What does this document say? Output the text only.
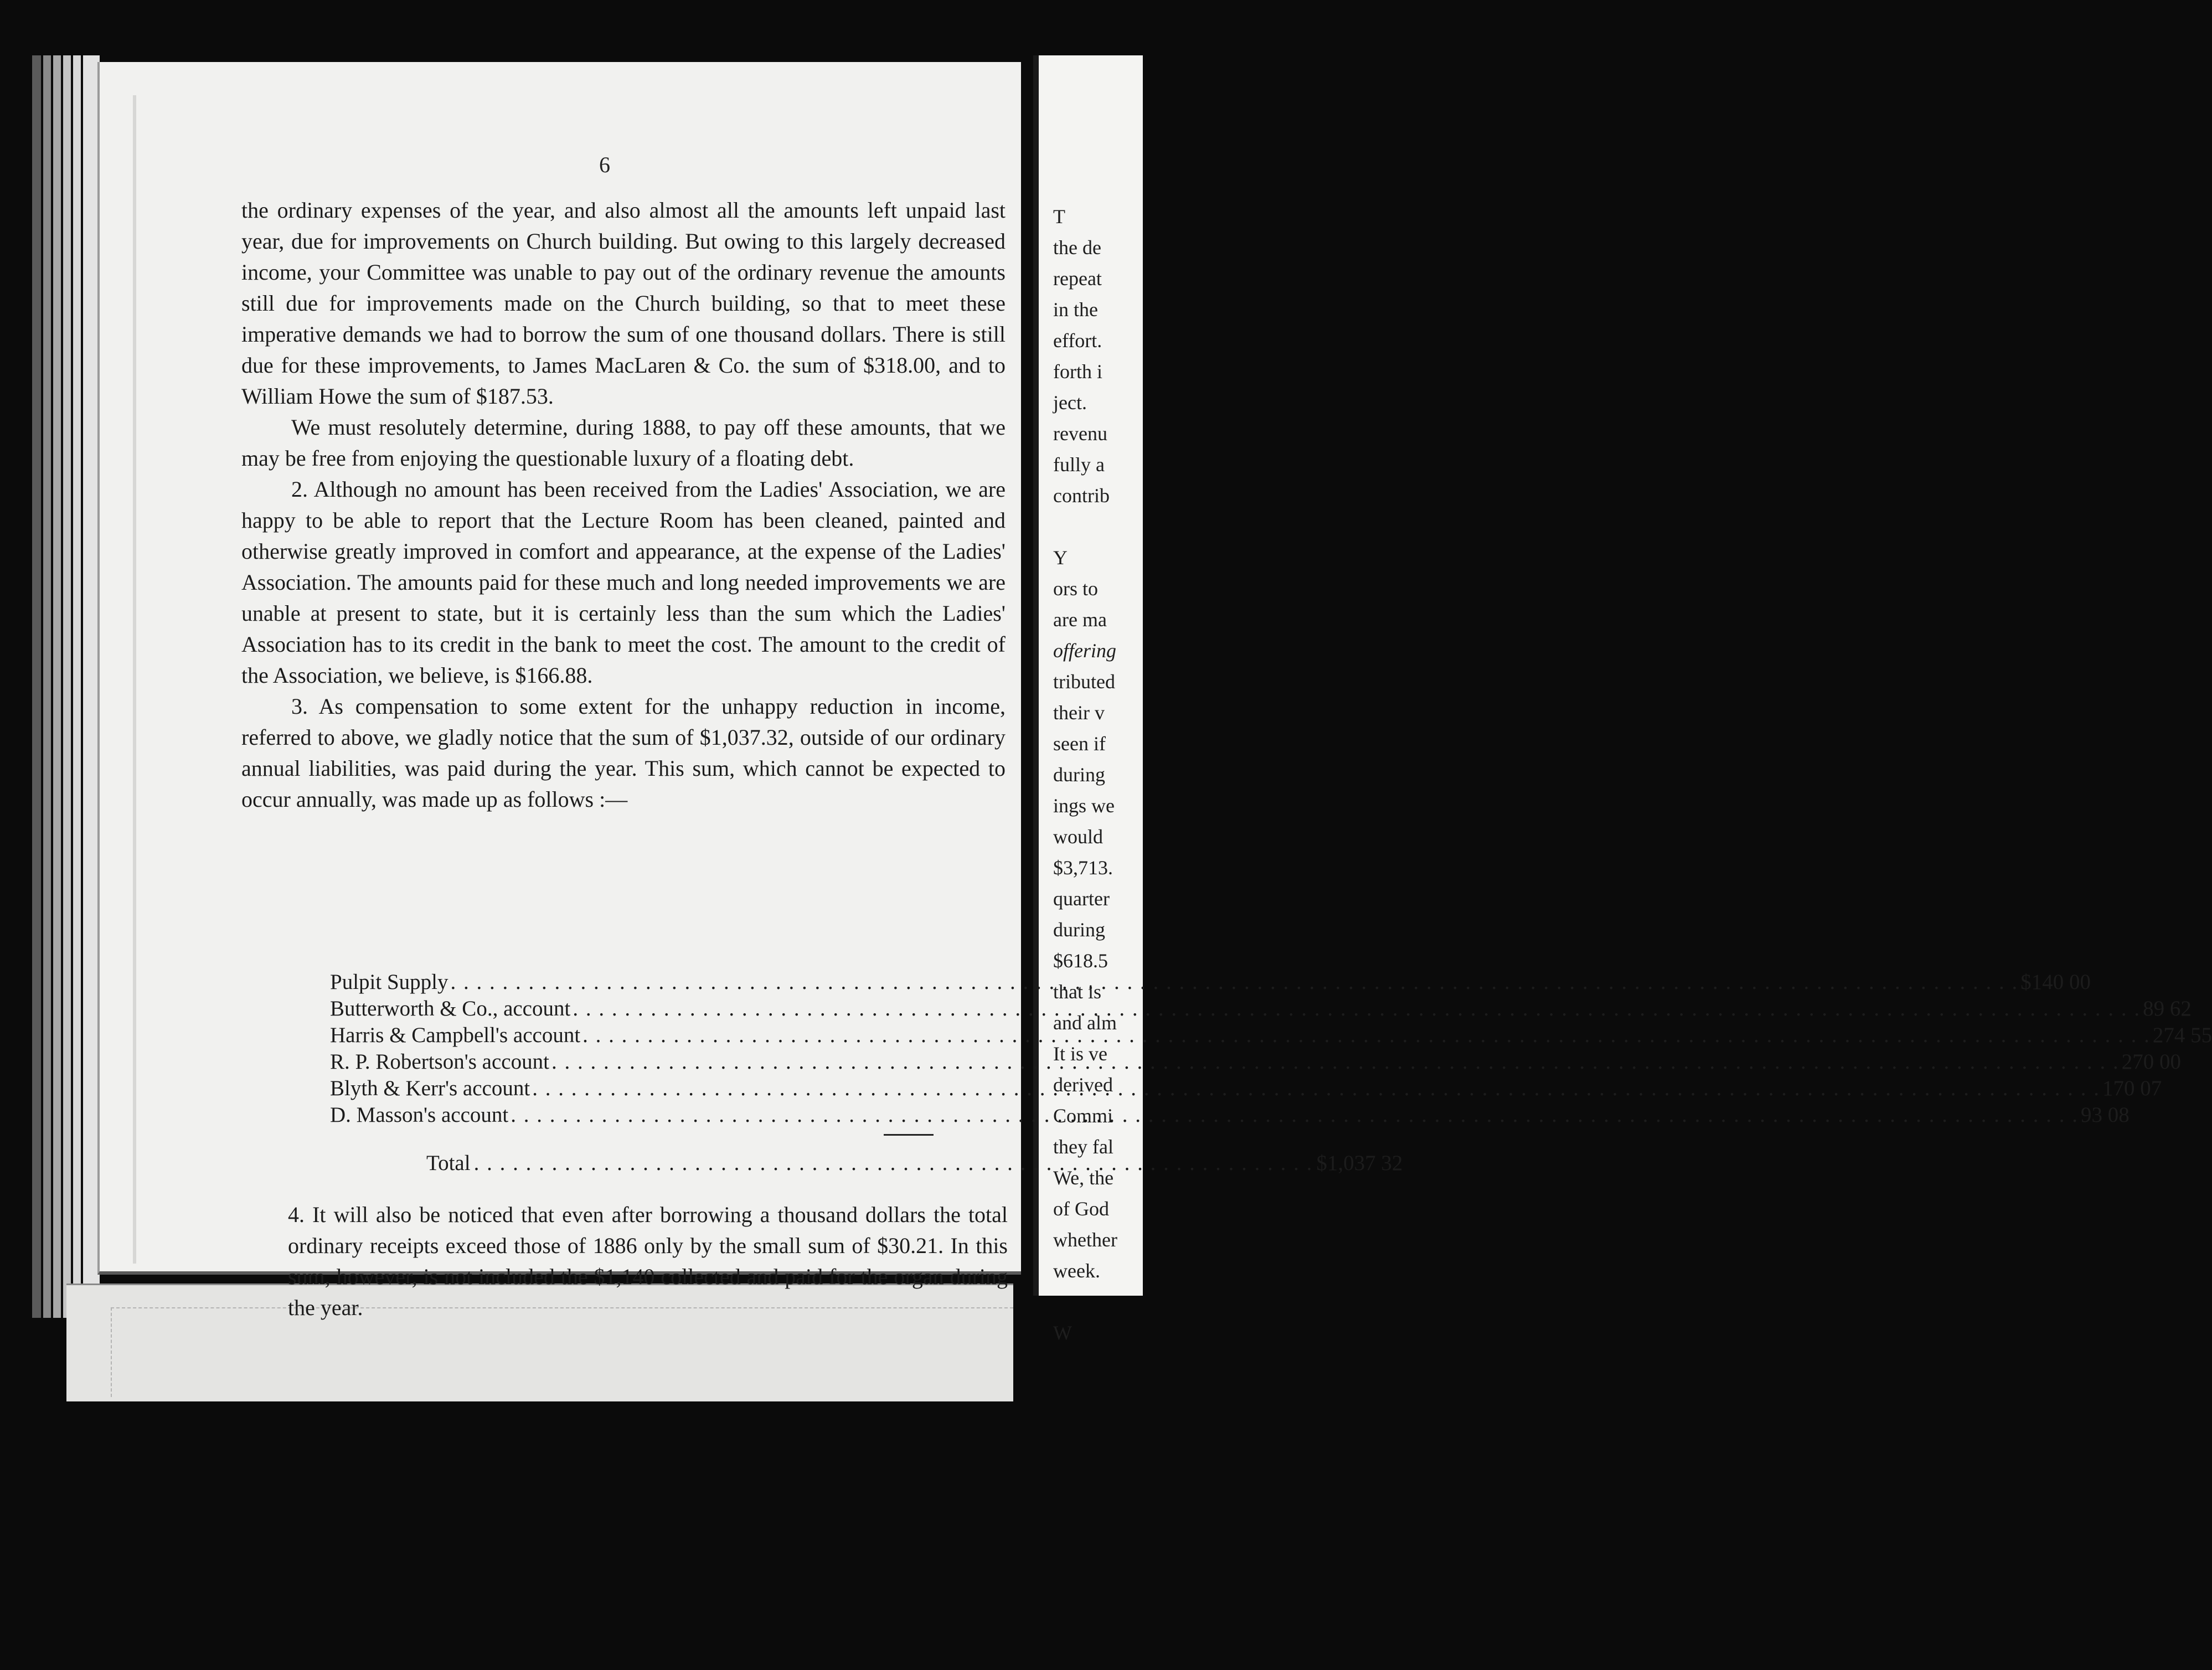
T
the de
repeat
in the
effort.
forth i
ject.
revenu
fully a
contrib
Y
ors to
are ma
offering
tributed
their v
seen if
during
ings we
would
$3,713.
quarter
during
$618.5
that is
and alm
It is ve
derived
Commi
they fal
We, the
of God
whether
week.
W
6

the ordinary expenses of the year, and also almost all the amounts left unpaid last year, due for improvements on Church building. But owing to this largely decreased income, your Committee was unable to pay out of the ordinary revenue the amounts still due for improvements made on the Church building, so that to meet these imperative demands we had to borrow the sum of one thousand dollars. There is still due for these improvements, to James MacLaren & Co. the sum of $318.00, and to William Howe the sum of $187.53.

We must resolutely determine, during 1888, to pay off these amounts, that we may be free from enjoying the questionable luxury of a floating debt.

2. Although no amount has been received from the Ladies' Association, we are happy to be able to report that the Lecture Room has been cleaned, painted and otherwise greatly improved in comfort and appearance, at the expense of the Ladies' Association. The amounts paid for these much and long needed improvements we are unable at present to state, but it is certainly less than the sum which the Ladies' Association has to its credit in the bank to meet the cost. The amount to the credit of the Association, we believe, is $166.88.

3. As compensation to some extent for the unhappy reduction in income, referred to above, we gladly notice that the sum of $1,037.32, outside of our ordinary annual liabilities, was paid during the year. This sum, which cannot be expected to occur annually, was made up as follows :—

Pulpit Supply . . .	$140 00
Butterworth & Co., account . . .	89 62
Harris & Campbell's account . . .	274 55
R. P. Robertson's account . . .	270 00
Blyth & Kerr's account . . .	170 07
D. Masson's account . . .	93 08
Total . . .	$1,037 32

4. It will also be noticed that even after borrowing a thousand dollars the total ordinary receipts exceed those of 1886 only by the small sum of $30.21. In this sum, however, is not included the $1,140 collected and paid for the organ during the year.
